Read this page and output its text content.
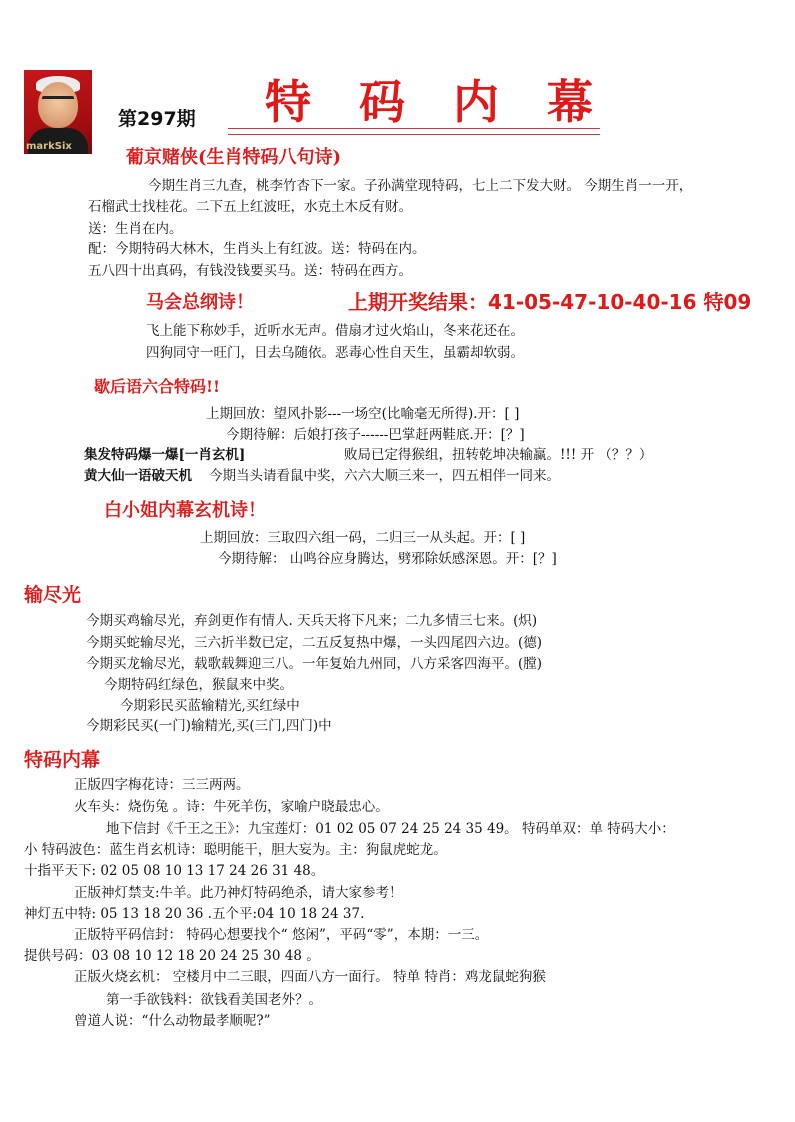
markSix
第297期 特码内幕
葡京赌侠(生肖特码八句诗)
今期生肖三九查，桃李竹杏下一家。子孙满堂现特码，七上二下发大财。 今期生肖一一开，
石榴武士找桂花。二下五上红波旺，水克土木反有财。
送：生肖在内。
配：今期特码大林木，生肖头上有红波。送：特码在内。
五八四十出真码，有钱没钱要买马。送：特码在西方。
马会总纲诗！	上期开奖结果：41-05-47-10-40-16 特09
飞上能下称妙手，近听水无声。借扇才过火焰山，冬来花还在。
四狗同守一旺门，日去乌随依。恶毒心性自天生，虽霸却软弱。
歇后语六合特码!!
上期回放：望风扑影---一场空(比喻毫无所得).开：[ ]
今期待解：后娘打孩子------巴掌赶两鞋底.开：[？]
集发特码爆一爆[一肖玄机]	败局已定得猴组，扭转乾坤决输赢。!!! 开 （？？）
黄大仙一语破天机 今期当头请看鼠中奖，六六大顺三来一，四五相伴一同来。
白小姐内幕玄机诗！
上期回放：三取四六组一码，二归三一从头起。开：[ ]
今期待解： 山鸣谷应身腾达，劈邪除妖感深恩。开：[？]
输尽光
今期买鸡输尽光，弃剑更作有情人. 天兵天将下凡来；二九多情三七来。(炽)
今期买蛇输尽光，三六折半数已定，二五反复热中爆，一头四尾四六边。(德)
今期买龙输尽光，载歌载舞迎三八。一年复始九州同，八方采客四海平。(膛)
今期特码红绿色，猴鼠来中奖。
今期彩民买蓝输精光,买红绿中
今期彩民买(一门)输精光,买(三门,四门)中
特码内幕
正版四字梅花诗：三三两两。
火车头：烧伤兔 。诗：牛死羊伤，家喻户晓最忠心。
地下信封《千王之王》：九宝莲灯：01 02 05 07 24 25 24 35 49。 特码单双：单 特码大小：
小 特码波色：蓝生肖玄机诗：聪明能干，胆大妄为。主：狗鼠虎蛇龙。
十指平天下: 02 05 08 10 13 17 24 26 31 48。
正版神灯禁支:牛羊。此乃神灯特码绝杀，请大家参考！
神灯五中特: 05 13 18 20 36 .五个平:04 10 18 24 37.
正版特平码信封： 特码心想要找个“ 悠闲”，平码“零”，本期：一三。
提供号码：03 08 10 12 18 20 24 25 30 48 。
正版火烧玄机： 空楼月中二三眼，四面八方一面行。 特单 特肖：鸡龙鼠蛇狗猴
第一手欲钱料：欲钱看美国老外？。
曾道人说：“什么动物最孝顺呢?”
